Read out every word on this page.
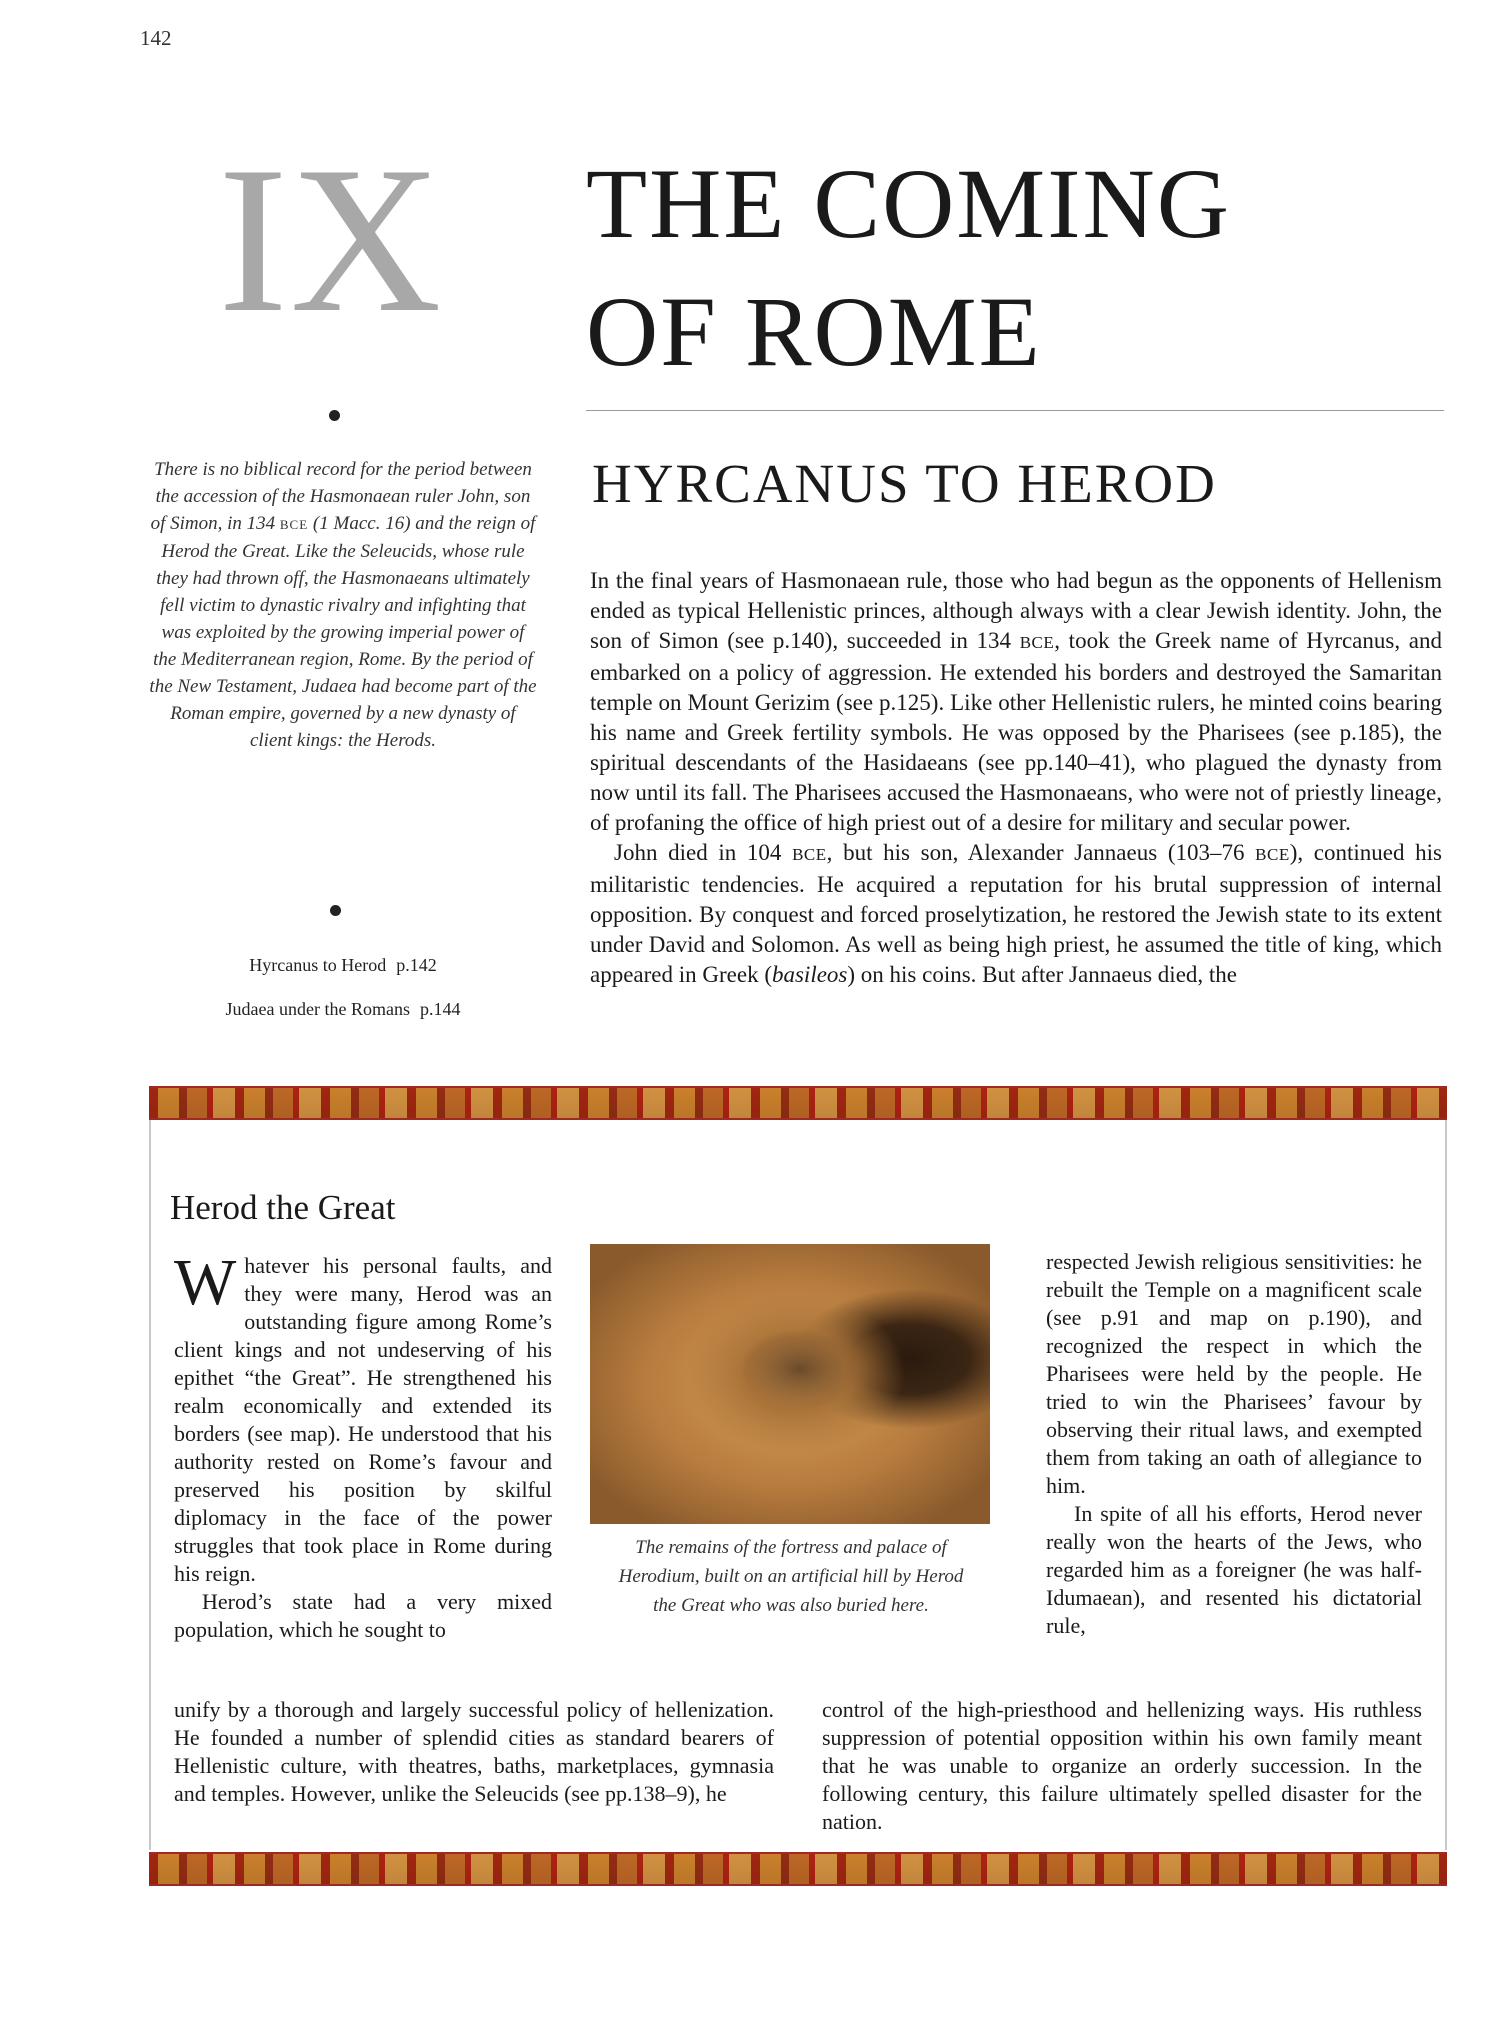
142
IX THE COMING
OF ROME
There is no biblical record for the period between the accession of the Hasmonaean ruler John, son of Simon, in 134 BCE (1 Macc. 16) and the reign of Herod the Great. Like the Seleucids, whose rule they had thrown off, the Hasmonaeans ultimately fell victim to dynastic rivalry and infighting that was exploited by the growing imperial power of the Mediterranean region, Rome. By the period of the New Testament, Judaea had become part of the Roman empire, governed by a new dynasty of client kings: the Herods.
Hyrcanus to Herod p.142
Judaea under the Romans p.144
HYRCANUS TO HEROD

In the final years of Hasmonaean rule, those who had begun as the opponents of Hellenism ended as typical Hellenistic princes, although always with a clear Jewish identity. John, the son of Simon (see p.140), succeeded in 134 BCE, took the Greek name of Hyrcanus, and embarked on a policy of aggression. He extended his borders and destroyed the Samaritan temple on Mount Gerizim (see p.125). Like other Hellenistic rulers, he minted coins bearing his name and Greek fertility symbols. He was opposed by the Pharisees (see p.185), the spiritual descendants of the Hasidaeans (see pp.140–41), who plagued the dynasty from now until its fall. The Pharisees accused the Hasmonaeans, who were not of priestly lineage, of profaning the office of high priest out of a desire for military and secular power.

John died in 104 BCE, but his son, Alexander Jannaeus (103–76 BCE), continued his militaristic tendencies. He acquired a reputation for his brutal suppression of internal opposition. By conquest and forced proselytization, he restored the Jewish state to its extent under David and Solomon. As well as being high priest, he assumed the title of king, which appeared in Greek (basileos) on his coins. But after Jannaeus died, the

Herod the Great

Whatever his personal faults, and they were many, Herod was an outstanding figure among Rome’s client kings and not undeserving of his epithet “the Great”. He strengthened his realm economically and extended its borders (see map). He understood that his authority rested on Rome’s favour and preserved his position by skilful diplomacy in the face of the power struggles that took place in Rome during his reign.

Herod’s state had a very mixed population, which he sought to

The remains of the fortress and palace of Herodium, built on an artificial hill by Herod the Great who was also buried here.

respected Jewish religious sensitivities: he rebuilt the Temple on a magnificent scale (see p.91 and map on p.190), and recognized the respect in which the Pharisees were held by the people. He tried to win the Pharisees’ favour by observing their ritual laws, and exempted them from taking an oath of allegiance to him.

In spite of all his efforts, Herod never really won the hearts of the Jews, who regarded him as a foreigner (he was half-Idumaean), and resented his dictatorial rule,

unify by a thorough and largely successful policy of hellenization. He founded a number of splendid cities as standard bearers of Hellenistic culture, with theatres, baths, marketplaces, gymnasia and temples. However, unlike the Seleucids (see pp.138–9), he
control of the high-priesthood and hellenizing ways. His ruthless suppression of potential opposition within his own family meant that he was unable to organize an orderly succession. In the following century, this failure ultimately spelled disaster for the nation.
